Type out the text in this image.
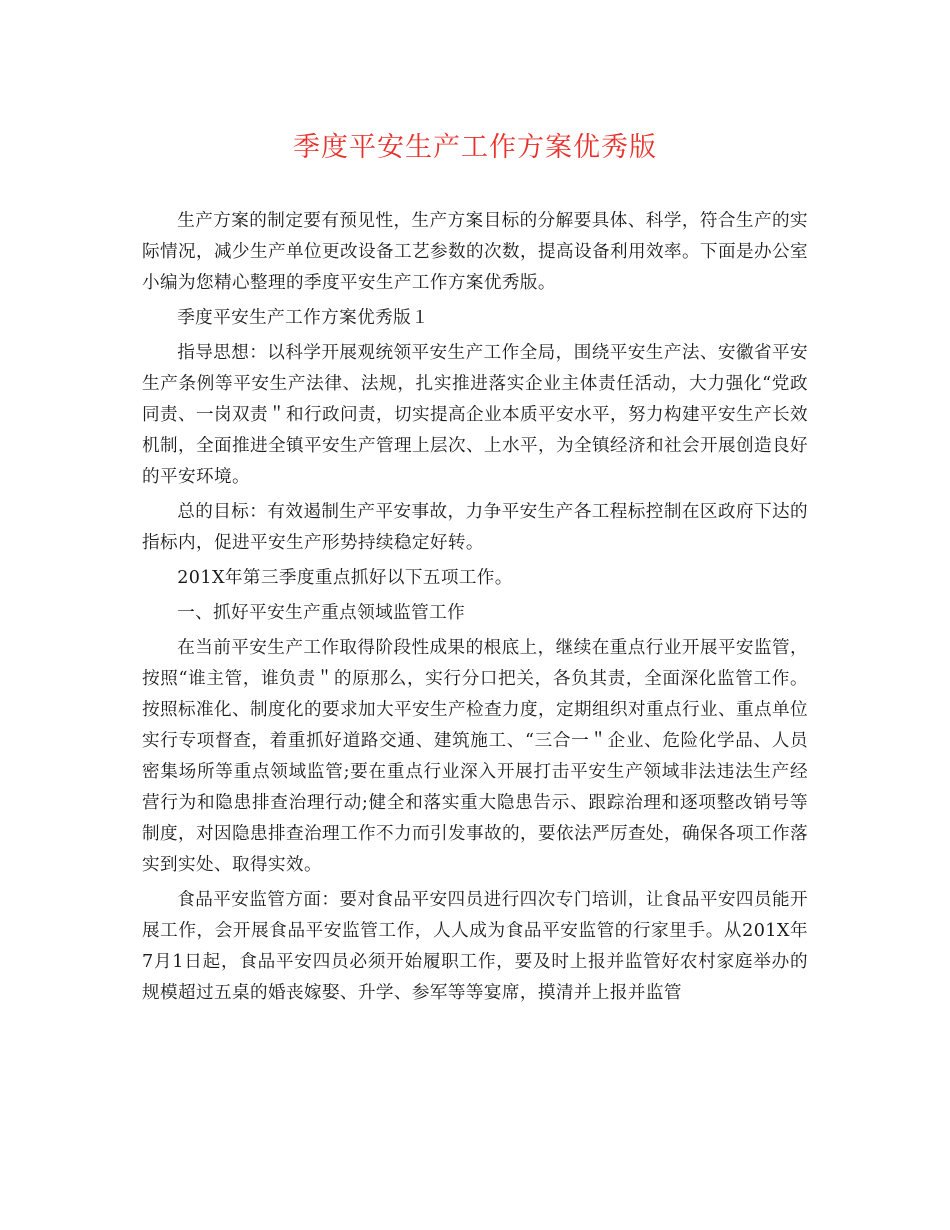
季度平安生产工作方案优秀版

生产方案的制定要有预见性，生产方案目标的分解要具体、科学，符合生产的实际情况，减少生产单位更改设备工艺参数的次数，提高设备利用效率。下面是办公室小编为您精心整理的季度平安生产工作方案优秀版。

季度平安生产工作方案优秀版１

指导思想：以科学开展观统领平安生产工作全局，围绕平安生产法、安徽省平安生产条例等平安生产法律、法规，扎实推进落实企业主体责任活动，大力强化“党政同责、一岗双责＂和行政问责，切实提高企业本质平安水平，努力构建平安生产长效机制，全面推进全镇平安生产管理上层次、上水平，为全镇经济和社会开展创造良好的平安环境。

总的目标：有效遏制生产平安事故，力争平安生产各工程标控制在区政府下达的指标内，促进平安生产形势持续稳定好转。

201X年第三季度重点抓好以下五项工作。

一、抓好平安生产重点领域监管工作

在当前平安生产工作取得阶段性成果的根底上，继续在重点行业开展平安监管，按照“谁主管，谁负责＂的原那么，实行分口把关，各负其责，全面深化监管工作。按照标准化、制度化的要求加大平安生产检查力度，定期组织对重点行业、重点单位实行专项督查，着重抓好道路交通、建筑施工、“三合一＂企业、危险化学品、人员密集场所等重点领域监管;要在重点行业深入开展打击平安生产领域非法违法生产经营行为和隐患排查治理行动;健全和落实重大隐患告示、跟踪治理和逐项整改销号等制度，对因隐患排查治理工作不力而引发事故的，要依法严厉查处，确保各项工作落实到实处、取得实效。

食品平安监管方面：要对食品平安四员进行四次专门培训，让食品平安四员能开展工作，会开展食品平安监管工作，人人成为食品平安监管的行家里手。从201X年7月1日起，食品平安四员必须开始履职工作，要及时上报并监管好农村家庭举办的规模超过五桌的婚丧嫁娶、升学、参军等等宴席，摸清并上报并监管
